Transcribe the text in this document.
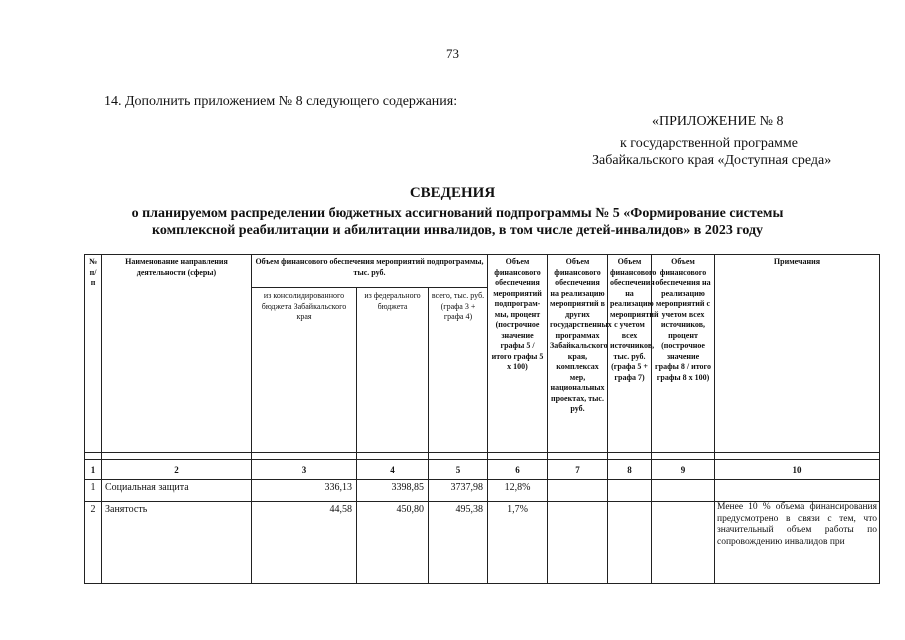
73
14. Дополнить приложением № 8 следующего содержания:
«ПРИЛОЖЕНИЕ № 8
к государственной программе
Забайкальского края «Доступная среда»
СВЕДЕНИЯ
о планируемом распределении бюджетных ассигнований подпрограммы № 5 «Формирование системы
комплексной реабилитации и абилитации инвалидов, в том числе детей-инвалидов» в 2023 году
№ п/ п	Наименование направления деятельности (сферы)	Объем финансового обеспечения мероприятий подпрограммы, тыс. руб.			Объем финансового обеспечения мероприятий подпрограм-мы, процент (построчное значение графы 5 / итого графы 5 х 100)	Объем финансового обеспечения на реализацию мероприятий в других государственных программах Забайкальского края, комплексах мер, национальных проектах, тыс. руб.	Объем финансового обеспечения на реализацию мероприятий с учетом всех источников, тыс. руб. (графа 5 + графа 7)	Объем финансового обеспечения на реализацию мероприятий с учетом всех источников, процент (построчное значение графы 8 / итого графы 8 х 100)	Примечания
		из консолидированного бюджета Забайкальского края	из федерального бюджета	всего, тыс. руб. (графа 3 + графа 4)					

1	2	3	4	5	6	7	8	9	10
1	Социальная защита	336,13	3398,85	3737,98	12,8%				
2	Занятость	44,58	450,80	495,38	1,7%				Менее 10 % объема финансирования предусмотрено в связи с тем, что значительный объем работы по сопровождению инвалидов при
